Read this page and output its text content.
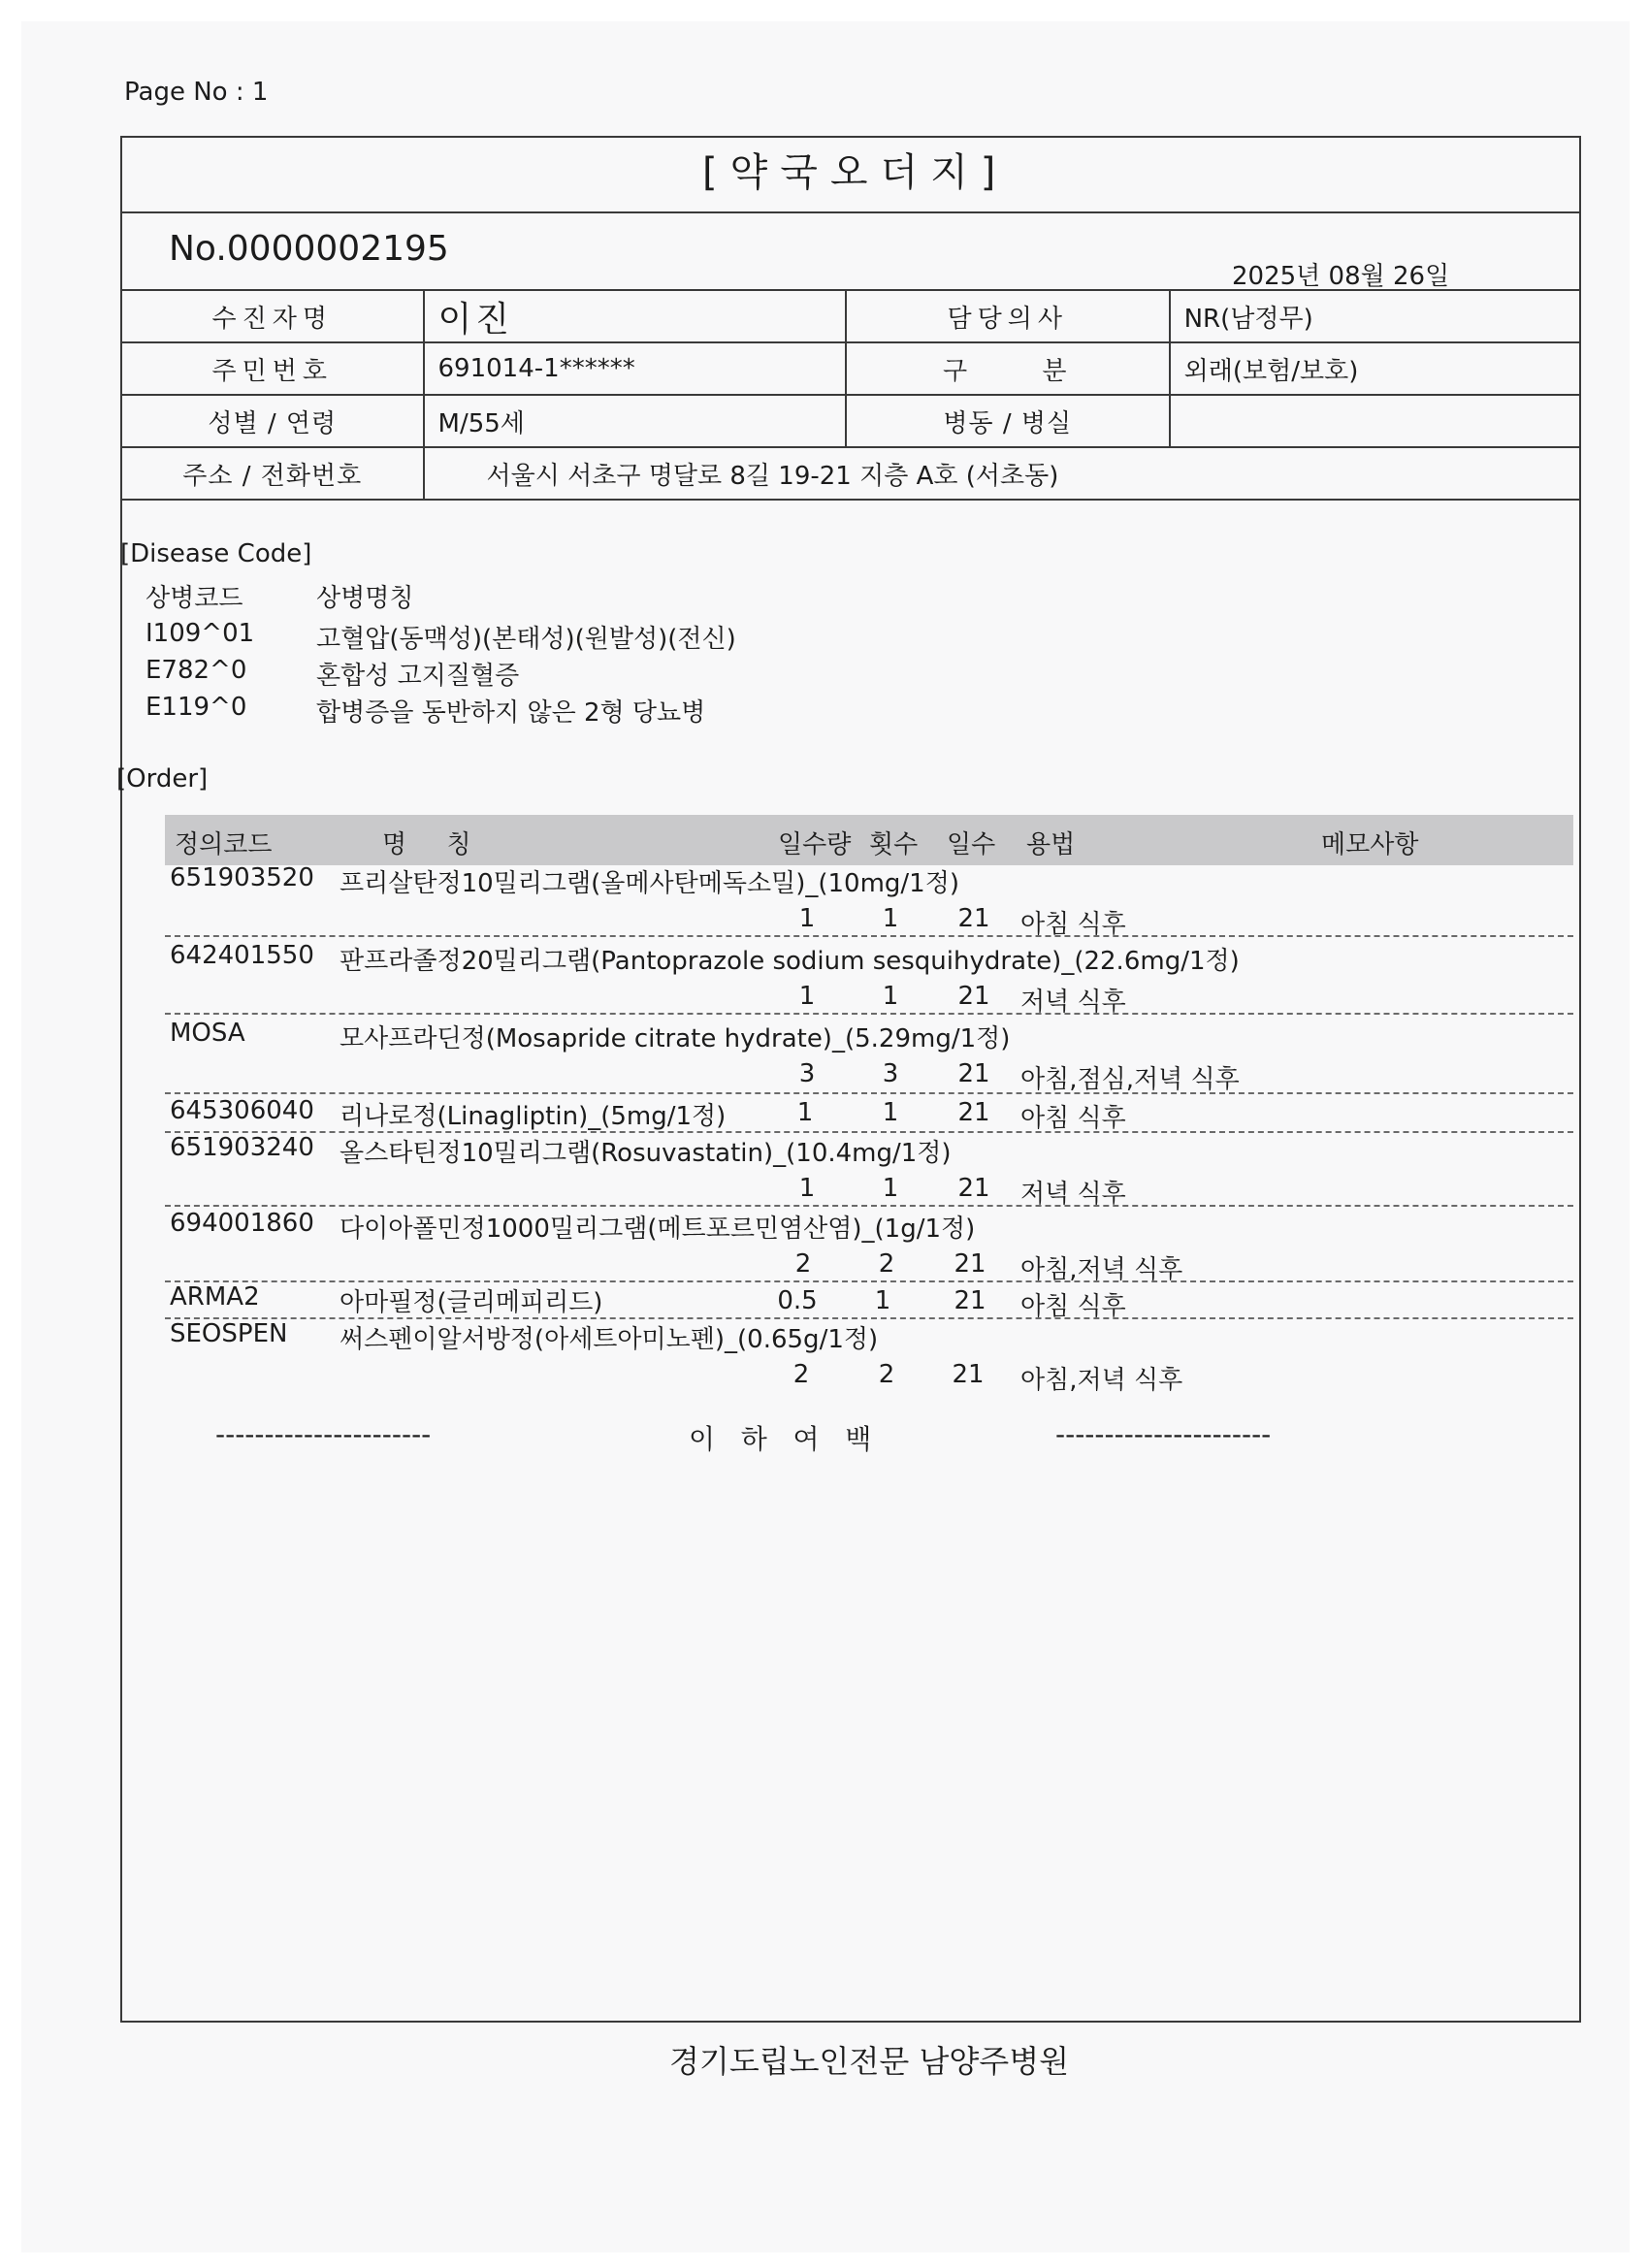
Page No : 1
[약국오더지]
No.0000002195
2025년 08월 26일
수진자명	이진	담당의사	NR(남정무)
주민번호	691014-1******	구     분	외래(보험/보호)
성별 / 연령	M/55세	병동 / 병실	
주소 / 전화번호	서울시 서초구 명달로 8길 19-21 지층 A호 (서초동)		
[Disease Code]
상병코드	상병명칭
I109^01 고혈압(동맥성)(본태성)(원발성)(전신)
E782^0	혼합성 고지질혈증
E119^0	합병증을 동반하지 않은 2형 당뇨병
[Order]
정의코드	명     칭	일수량 횟수 일수 용법	메모사항
651903520 프리살탄정10밀리그램(올메사탄메독소밀)_(10mg/1정)
1	1	21	아침 식후
642401550 판프라졸정20밀리그램(Pantoprazole sodium sesquihydrate)_(22.6mg/1정)
1	1	21	저녁 식후
MOSA	모사프라딘정(Mosapride citrate hydrate)_(5.29mg/1정)
3	3	21	아침,점심,저녁 식후
645306040 리나로정(Linagliptin)_(5mg/1정)	1	1	21	아침 식후
651903240 올스타틴정10밀리그램(Rosuvastatin)_(10.4mg/1정)
1	1	21	저녁 식후
694001860 다이아폴민정1000밀리그램(메트포르민염산염)_(1g/1정)
2	2	21	아침,저녁 식후
ARMA2	아마필정(글리메피리드)	0.5	1	21	아침 식후
SEOSPEN 써스펜이알서방정(아세트아미노펜)_(0.65g/1정)
2	2	21	아침,저녁 식후
----------------------	이   하   여   백	----------------------
경기도립노인전문 남양주병원
